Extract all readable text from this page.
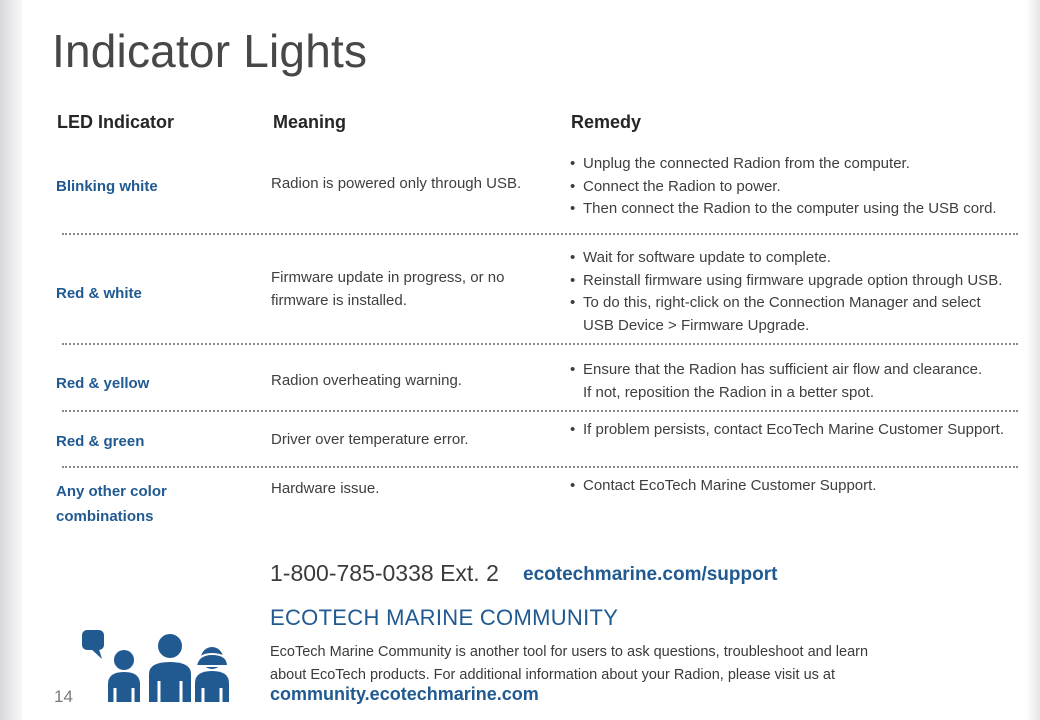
Indicator Lights
LED Indicator	Meaning	Remedy
Blinking white	Radion is powered only through USB.
• Unplug the connected Radion from the computer.
• Connect the Radion to power.
• Then connect the Radion to the computer using the USB cord.
Red & white
Firmware update in progress, or no
firmware is installed.
• Wait for software update to complete.
• Reinstall firmware using firmware upgrade option through USB.
• To do this, right-click on the Connection Manager and select
USB Device > Firmware Upgrade.
Red & yellow	Radion overheating warning.
• Ensure that the Radion has sufficient air flow and clearance.
If not, reposition the Radion in a better spot.
Red & green	Driver over temperature error.
• If problem persists, contact EcoTech Marine Customer Support.
Any other color
combinations
Hardware issue.
•	Contact EcoTech Marine Customer Support.
1-800-785-0338 Ext. 2 ecotechmarine.com/support
ECOTECH MARINE COMMUNITY
EcoTech Marine Community is another tool for users to ask questions, troubleshoot and learn
about EcoTech products. For additional information about your Radion, please visit us at
community.ecotechmarine.com
14
